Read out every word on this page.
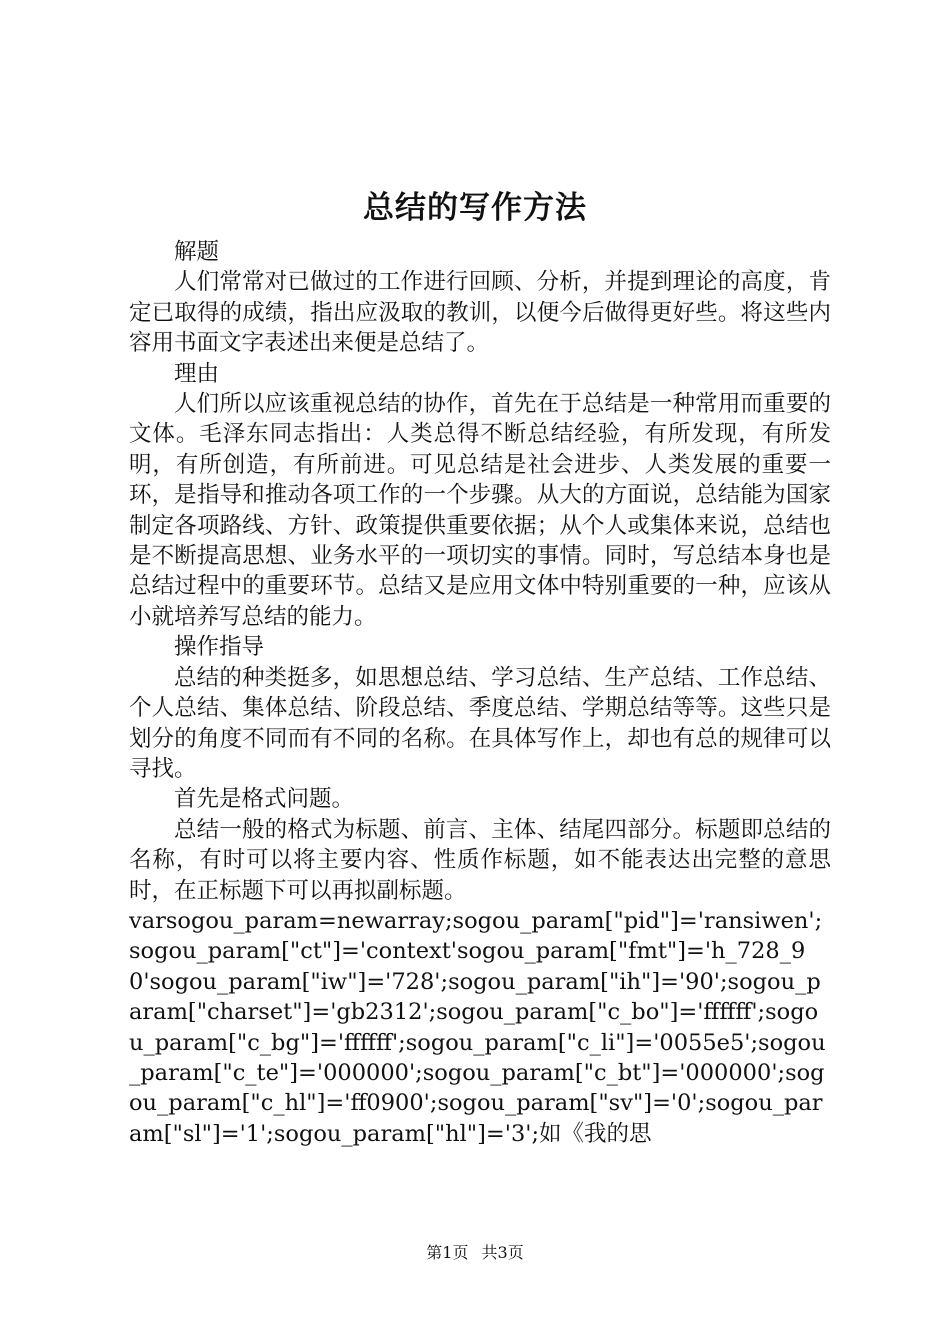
总结的写作方法

解题

人们常常对已做过的工作进行回顾、分析，并提到理论的高度，肯定已取得的成绩，指出应汲取的教训，以便今后做得更好些。将这些内容用书面文字表述出来便是总结了。

理由

人们所以应该重视总结的协作，首先在于总结是一种常用而重要的文体。毛泽东同志指出：人类总得不断总结经验，有所发现，有所发明，有所创造，有所前进。可见总结是社会进步、人类发展的重要一环，是指导和推动各项工作的一个步骤。从大的方面说，总结能为国家制定各项路线、方针、政策提供重要依据；从个人或集体来说，总结也是不断提高思想、业务水平的一项切实的事情。同时，写总结本身也是总结过程中的重要环节。总结又是应用文体中特别重要的一种，应该从小就培养写总结的能力。

操作指导

总结的种类挺多，如思想总结、学习总结、生产总结、工作总结、个人总结、集体总结、阶段总结、季度总结、学期总结等等。这些只是划分的角度不同而有不同的名称。在具体写作上，却也有总的规律可以寻找。

首先是格式问题。

总结一般的格式为标题、前言、主体、结尾四部分。标题即总结的名称，有时可以将主要内容、性质作标题，如不能表达出完整的意思时，在正标题下可以再拟副标题。

varsogou_param=newarray;sogou_param["pid"]='ransiwen';sogou_param["ct"]='context'sogou_param["fmt"]='h_728_90'sogou_param["iw"]='728';sogou_param["ih"]='90';sogou_param["charset"]='gb2312';sogou_param["c_bo"]='ffffff';sogou_param["c_bg"]='ffffff';sogou_param["c_li"]='0055e5';sogou_param["c_te"]='000000';sogou_param["c_bt"]='000000';sogou_param["c_hl"]='ff0900';sogou_param["sv"]='0';sogou_param["sl"]='1';sogou_param["hl"]='3';如《我的思

第1页 共3页
